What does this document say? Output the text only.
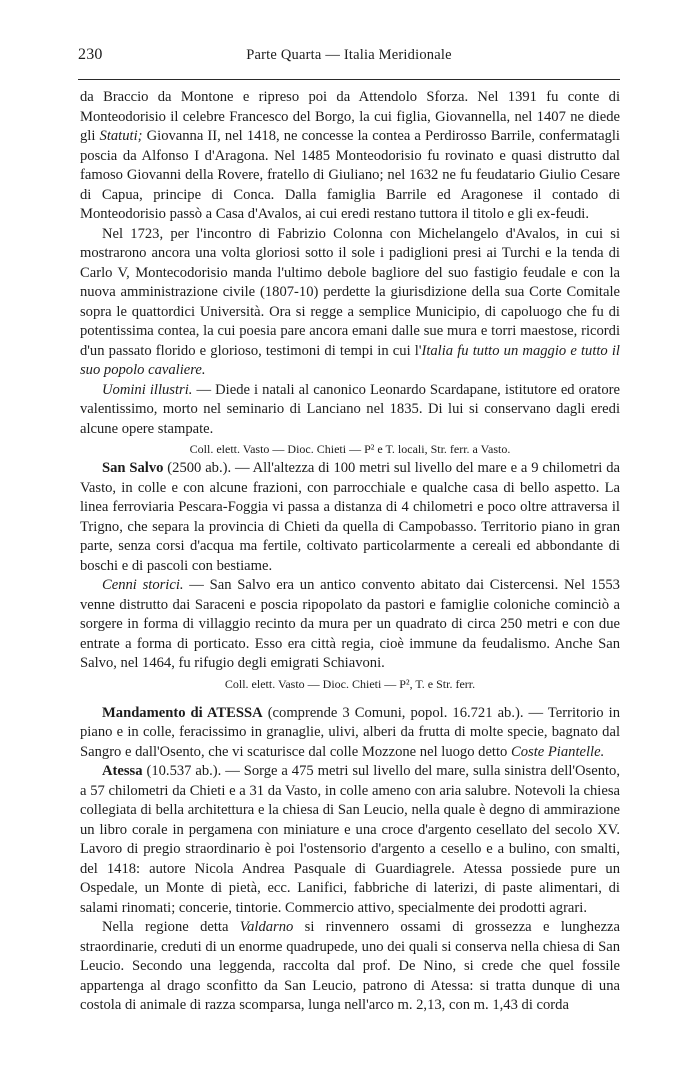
230	Parte Quarta — Italia Meridionale

da Braccio da Montone e ripreso poi da Attendolo Sforza. Nel 1391 fu conte di Monteodorisio il celebre Francesco del Borgo, la cui figlia, Giovannella, nel 1407 ne diede gli Statuti; Giovanna II, nel 1418, ne concesse la contea a Perdirosso Barrile, confermatagli poscia da Alfonso I d'Aragona. Nel 1485 Monteodorisio fu rovinato e quasi distrutto dal famoso Giovanni della Rovere, fratello di Giuliano; nel 1632 ne fu feudatario Giulio Cesare di Capua, principe di Conca. Dalla famiglia Barrile ed Aragonese il contado di Monteodorisio passò a Casa d'Avalos, ai cui eredi restano tuttora il titolo e gli ex-feudi.

Nel 1723, per l'incontro di Fabrizio Colonna con Michelangelo d'Avalos, in cui si mostrarono ancora una volta gloriosi sotto il sole i padiglioni presi ai Turchi e la tenda di Carlo V, Montecodorisio manda l'ultimo debole bagliore del suo fastigio feudale e con la nuova amministrazione civile (1807-10) perdette la giurisdizione della sua Corte Comitale sopra le quattordici Università. Ora si regge a semplice Municipio, di capoluogo che fu di potentissima contea, la cui poesia pare ancora emani dalle sue mura e torri maestose, ricordi d'un passato florido e glorioso, testimoni di tempi in cui l'Italia fu tutto un maggio e tutto il suo popolo cavaliere.

Uomini illustri. — Diede i natali al canonico Leonardo Scardapane, istitutore ed oratore valentissimo, morto nel seminario di Lanciano nel 1835. Di lui si conservano dagli eredi alcune opere stampate.

Coll. elett. Vasto — Dioc. Chieti — P² e T. locali, Str. ferr. a Vasto.

San Salvo (2500 ab.). — All'altezza di 100 metri sul livello del mare e a 9 chilometri da Vasto, in colle e con alcune frazioni, con parrocchiale e qualche casa di bello aspetto. La linea ferroviaria Pescara-Foggia vi passa a distanza di 4 chilometri e poco oltre attraversa il Trigno, che separa la provincia di Chieti da quella di Campobasso. Territorio piano in gran parte, senza corsi d'acqua ma fertile, coltivato particolarmente a cereali ed abbondante di boschi e di pascoli con bestiame.

Cenni storici. — San Salvo era un antico convento abitato dai Cistercensi. Nel 1553 venne distrutto dai Saraceni e poscia ripopolato da pastori e famiglie coloniche cominciò a sorgere in forma di villaggio recinto da mura per un quadrato di circa 250 metri e con due entrate a forma di porticato. Esso era città regia, cioè immune da feudalismo. Anche San Salvo, nel 1464, fu rifugio degli emigrati Schiavoni.

Coll. elett. Vasto — Dioc. Chieti — P², T. e Str. ferr.

Mandamento di ATESSA (comprende 3 Comuni, popol. 16.721 ab.). — Territorio in piano e in colle, feracissimo in granaglie, ulivi, alberi da frutta di molte specie, bagnato dal Sangro e dall'Osento, che vi scaturisce dal colle Mozzone nel luogo detto Coste Piantelle.

Atessa (10.537 ab.). — Sorge a 475 metri sul livello del mare, sulla sinistra dell'Osento, a 57 chilometri da Chieti e a 31 da Vasto, in colle ameno con aria salubre. Notevoli la chiesa collegiata di bella architettura e la chiesa di San Leucio, nella quale è degno di ammirazione un libro corale in pergamena con miniature e una croce d'argento cesellato del secolo XV. Lavoro di pregio straordinario è poi l'ostensorio d'argento a cesello e a bulino, con smalti, del 1418: autore Nicola Andrea Pasquale di Guardiagrele. Atessa possiede pure un Ospedale, un Monte di pietà, ecc. Lanifici, fabbriche di laterizi, di paste alimentari, di salami rinomati; concerie, tintorie. Commercio attivo, specialmente dei prodotti agrari.

Nella regione detta Valdarno si rinvennero ossami di grossezza e lunghezza straordinarie, creduti di un enorme quadrupede, uno dei quali si conserva nella chiesa di San Leucio. Secondo una leggenda, raccolta dal prof. De Nino, si crede che quel fossile appartenga al drago sconfitto da San Leucio, patrono di Atessa: si tratta dunque di una costola di animale di razza scomparsa, lunga nell'arco m. 2,13, con m. 1,43 di corda
